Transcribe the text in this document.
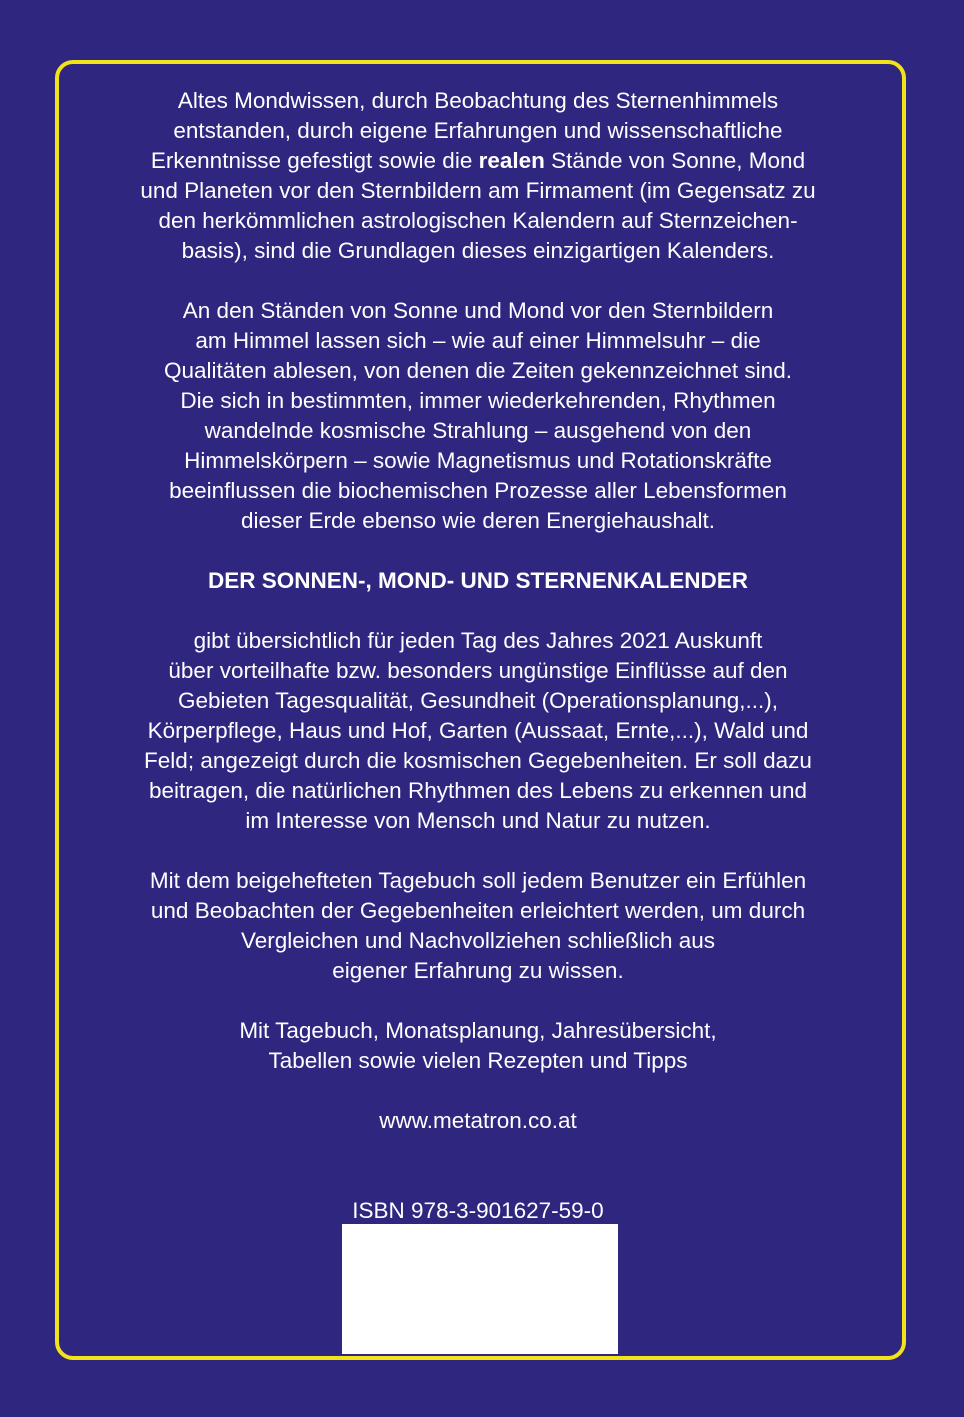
Altes Mondwissen, durch Beobachtung des Sternenhimmels
entstanden, durch eigene Erfahrungen und wissenschaftliche
Erkenntnisse gefestigt sowie die realen Stände von Sonne, Mond
und Planeten vor den Sternbildern am Firmament (im Gegensatz zu
den herkömmlichen astrologischen Kalendern auf Sternzeichen-
basis), sind die Grundlagen dieses einzigartigen Kalenders.

An den Ständen von Sonne und Mond vor den Sternbildern
am Himmel lassen sich – wie auf einer Himmelsuhr – die
Qualitäten ablesen, von denen die Zeiten gekennzeichnet sind.
Die sich in bestimmten, immer wiederkehrenden, Rhythmen
wandelnde kosmische Strahlung – ausgehend von den
Himmelskörpern – sowie Magnetismus und Rotationskräfte
beeinflussen die biochemischen Prozesse aller Lebensformen
dieser Erde ebenso wie deren Energiehaushalt.

DER SONNEN-, MOND- UND STERNENKALENDER

gibt übersichtlich für jeden Tag des Jahres 2021 Auskunft
über vorteilhafte bzw. besonders ungünstige Einflüsse auf den
Gebieten Tagesqualität, Gesundheit (Operationsplanung,...),
Körperpflege, Haus und Hof, Garten (Aussaat, Ernte,...), Wald und
Feld; angezeigt durch die kosmischen Gegebenheiten. Er soll dazu
beitragen, die natürlichen Rhythmen des Lebens zu erkennen und
im Interesse von Mensch und Natur zu nutzen.

Mit dem beigehefteten Tagebuch soll jedem Benutzer ein Erfühlen
und Beobachten der Gegebenheiten erleichtert werden, um durch
Vergleichen und Nachvollziehen schließlich aus
eigener Erfahrung zu wissen.

Mit Tagebuch, Monatsplanung, Jahresübersicht,
Tabellen sowie vielen Rezepten und Tipps

www.metatron.co.at

ISBN 978-3-901627-59-0
